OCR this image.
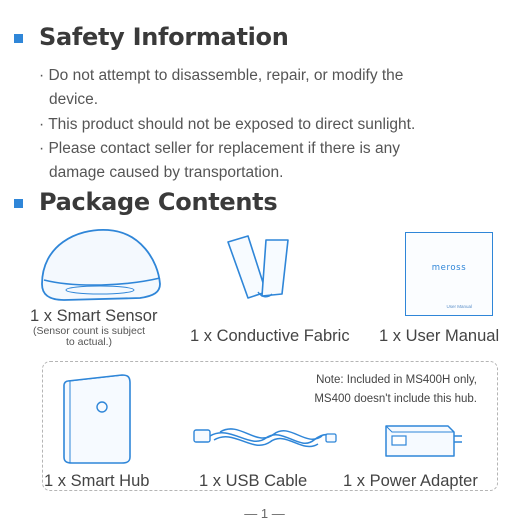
Safety Information
· Do not attempt to disassemble, repair, or modify the
device.
· This product should not be exposed to direct sunlight.
· Please contact seller for replacement if there is any
damage caused by transportation.
Package Contents
1 x Smart Sensor
(Sensor count is subject
to actual.)	1 x Conductive Fabric
meross
User Manual
1 x User Manual
Note: Included in MS400H only,
MS400 doesn't include this hub.
1 x Smart Hub	1 x USB Cable 1 x Power Adapter
— 1 —
